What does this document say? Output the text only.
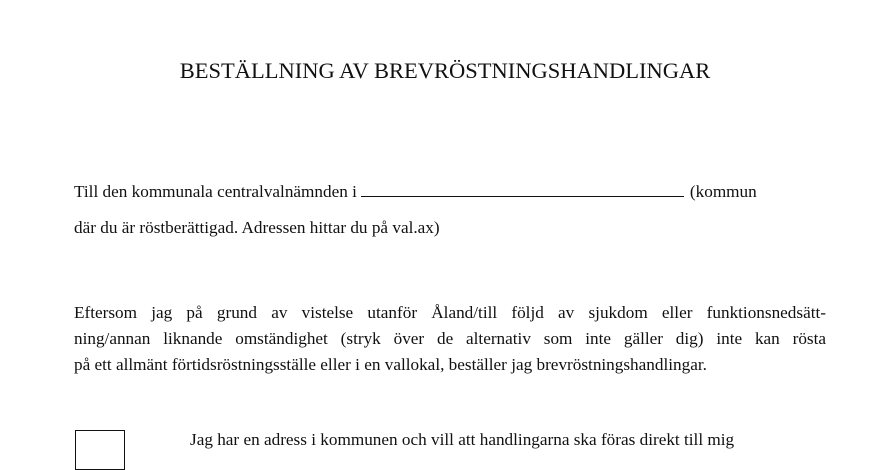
BESTÄLLNING AV BREVRÖSTNINGSHANDLINGAR
Till den kommunala centralvalnämnden i	(kommun
där du är röstberättigad. Adressen hittar du på val.ax)
Eftersom jag på grund av vistelse utanför Åland/till följd av sjukdom eller funktionsnedsätt-
ning/annan liknande omständighet (stryk över de alternativ som inte gäller dig) inte kan rösta
på ett allmänt förtidsröstningsställe eller i en vallokal, beställer jag brevröstningshandlingar.
Jag har en adress i kommunen och vill att handlingarna ska föras direkt till mig
